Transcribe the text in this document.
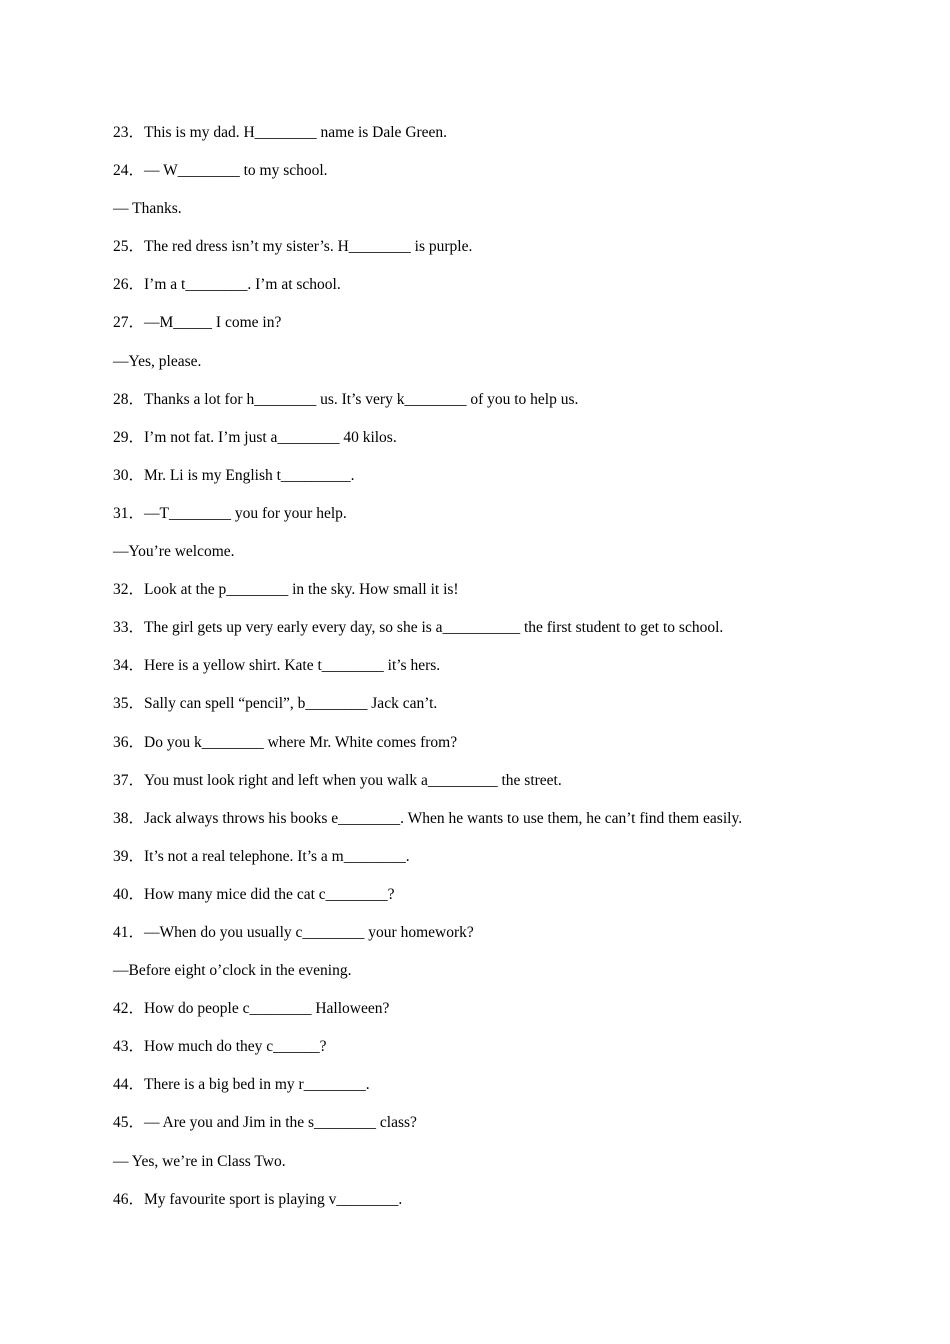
23．This is my dad. H________ name is Dale Green.
24．— W________ to my school.
— Thanks.
25．The red dress isn’t my sister’s. H________ is purple.
26．I’m a t________. I’m at school.
27．—M_____ I come in?
—Yes, please.
28．Thanks a lot for h________ us. It’s very k________ of you to help us.
29．I’m not fat. I’m just a________ 40 kilos.
30．Mr. Li is my English t_________.
31．—T________ you for your help.
—You’re welcome.
32．Look at the p________ in the sky. How small it is!
33．The girl gets up very early every day, so she is a__________ the first student to get to school.
34．Here is a yellow shirt. Kate t________ it’s hers.
35．Sally can spell “pencil”, b________ Jack can’t.
36．Do you k________ where Mr. White comes from?
37．You must look right and left when you walk a_________ the street.
38．Jack always throws his books e________. When he wants to use them, he can’t find them easily.
39．It’s not a real telephone. It’s a m________.
40．How many mice did the cat c________?
41．—When do you usually c________ your homework?
—Before eight o’clock in the evening.
42．How do people c________ Halloween?
43．How much do they c______?
44．There is a big bed in my r________.
45．— Are you and Jim in the s________ class?
— Yes, we’re in Class Two.
46．My favourite sport is playing v________.
